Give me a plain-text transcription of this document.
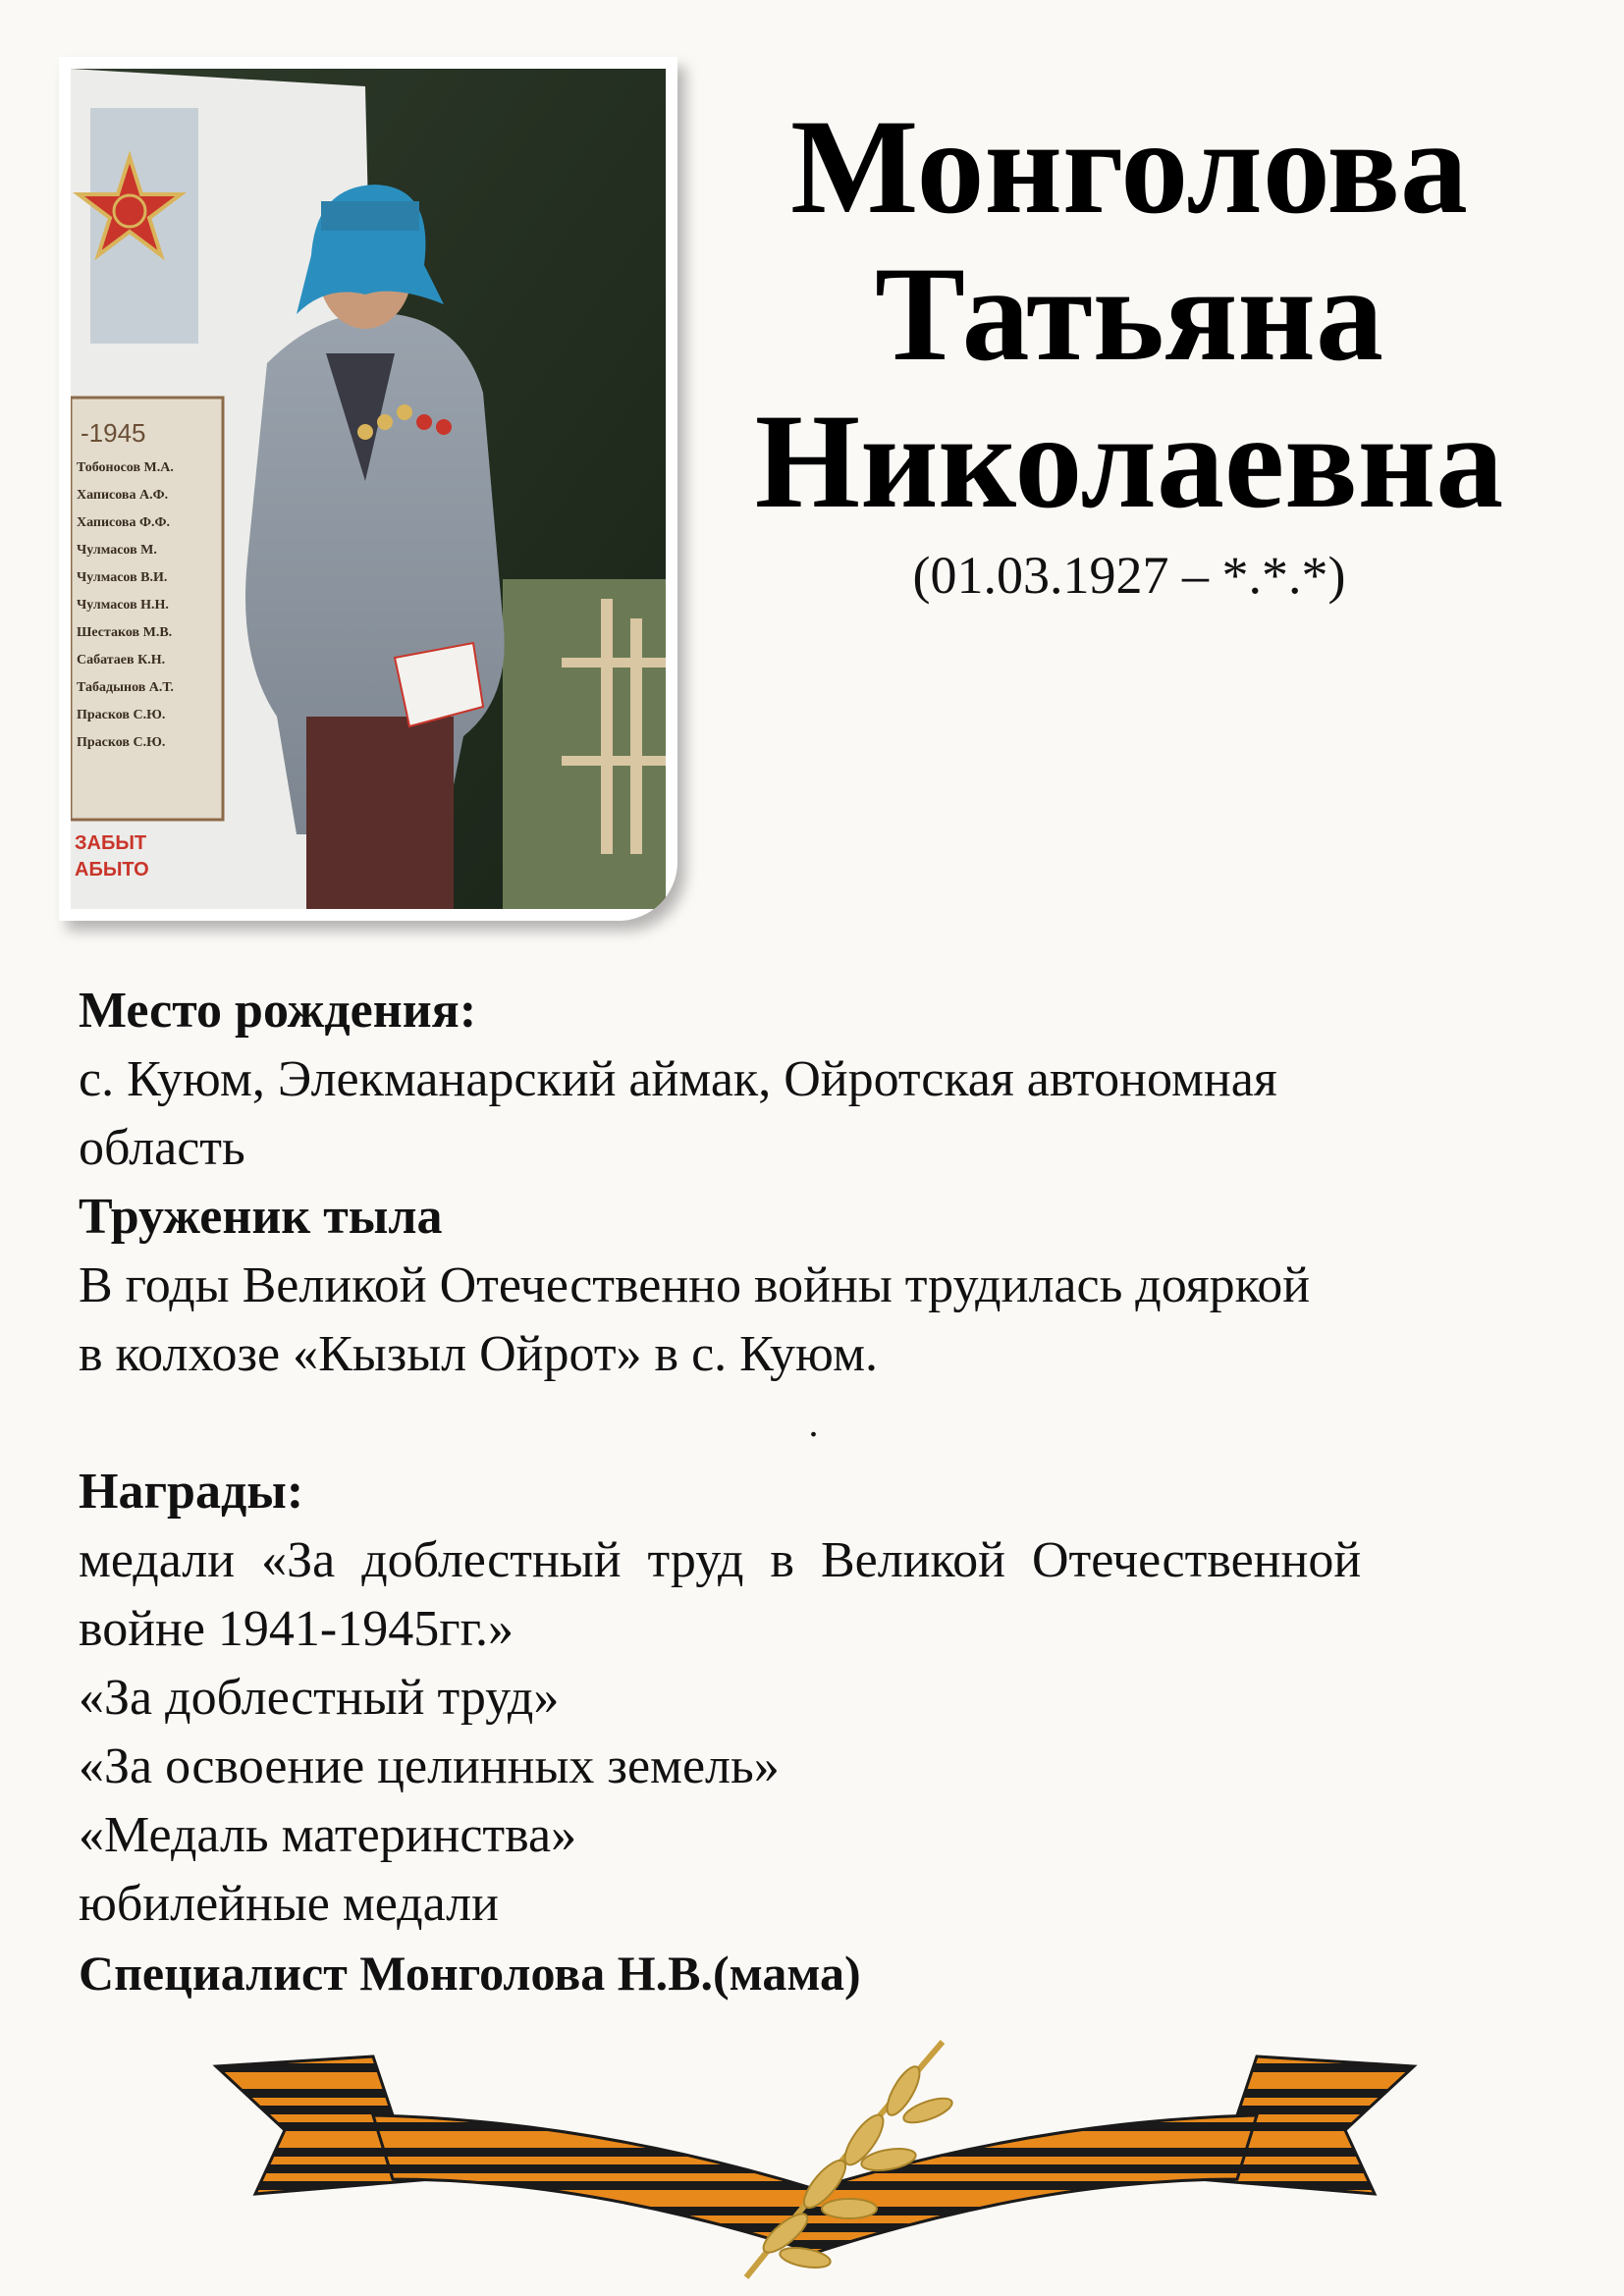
-1945
Тобоносов М.А.
Хаписова А.Ф.
Хаписова Ф.Ф.
Чулмасов М.
Чулмасов В.И.
Чулмасов Н.Н.
Шестаков М.В.
Сабатаев К.Н.
Табадынов А.Т.
Прасков С.Ю.
Прасков С.Ю.
ЗАБЫТ
АБЫТО
Монголова
Татьяна
Николаевна
(01.03.1927 – *.*.*)
Место рождения:
с. Куюм, Элекманарский аймак, Ойротская автономная
область
Труженик тыла
В годы Великой Отечественно войны трудилась дояркой
в колхозе «Кызыл Ойрот» в с. Куюм.
.
Награды:
медали «За доблестный труд в Великой Отечественной
войне 1941-1945гг.»
«За доблестный труд»
«За освоение целинных земель»
«Медаль материнства»
юбилейные медали
Специалист Монголова Н.В.(мама)
